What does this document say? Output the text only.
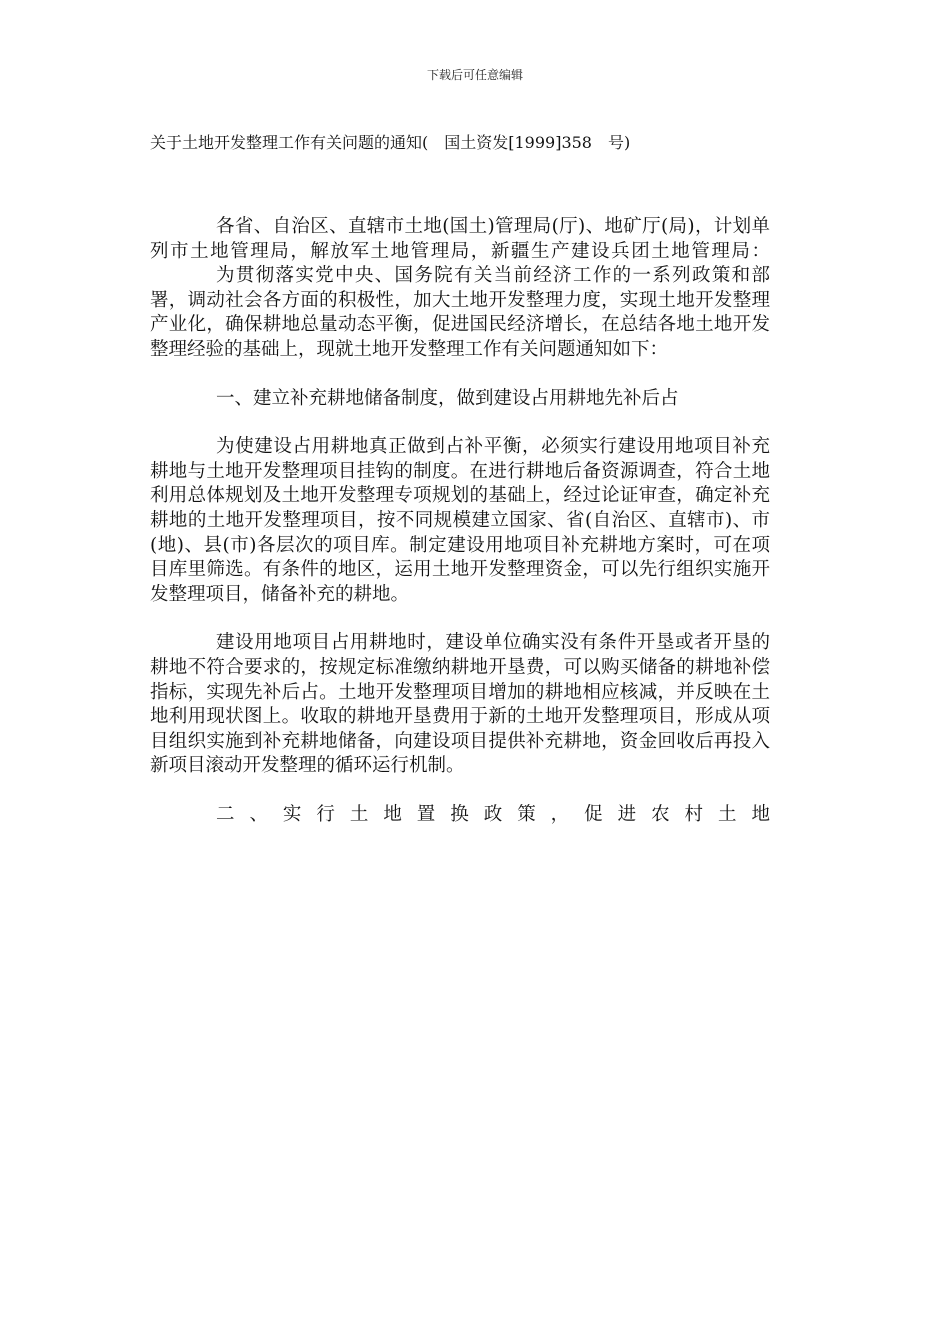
下载后可任意编辑
关于土地开发整理工作有关问题的通知(　国土资发[1999]358　号)

各省、自治区、直辖市土地(国土)管理局(厅)、地矿厅(局)，计划单列市土地管理局，解放军土地管理局，新疆生产建设兵团土地管理局：

为贯彻落实党中央、国务院有关当前经济工作的一系列政策和部署，调动社会各方面的积极性，加大土地开发整理力度，实现土地开发整理产业化，确保耕地总量动态平衡，促进国民经济增长，在总结各地土地开发整理经验的基础上，现就土地开发整理工作有关问题通知如下：

一、建立补充耕地储备制度，做到建设占用耕地先补后占

为使建设占用耕地真正做到占补平衡，必须实行建设用地项目补充耕地与土地开发整理项目挂钩的制度。在进行耕地后备资源调查，符合土地利用总体规划及土地开发整理专项规划的基础上，经过论证审查，确定补充耕地的土地开发整理项目，按不同规模建立国家、省(自治区、直辖市)、市(地)、县(市)各层次的项目库。制定建设用地项目补充耕地方案时，可在项目库里筛选。有条件的地区，运用土地开发整理资金，可以先行组织实施开发整理项目，储备补充的耕地。

建设用地项目占用耕地时，建设单位确实没有条件开垦或者开垦的耕地不符合要求的，按规定标准缴纳耕地开垦费，可以购买储备的耕地补偿指标，实现先补后占。土地开发整理项目增加的耕地相应核减，并反映在土地利用现状图上。收取的耕地开垦费用于新的土地开发整理项目，形成从项目组织实施到补充耕地储备，向建设项目提供补充耕地，资金回收后再投入新项目滚动开发整理的循环运行机制。

二、实行土地置换政策，促进农村土地
